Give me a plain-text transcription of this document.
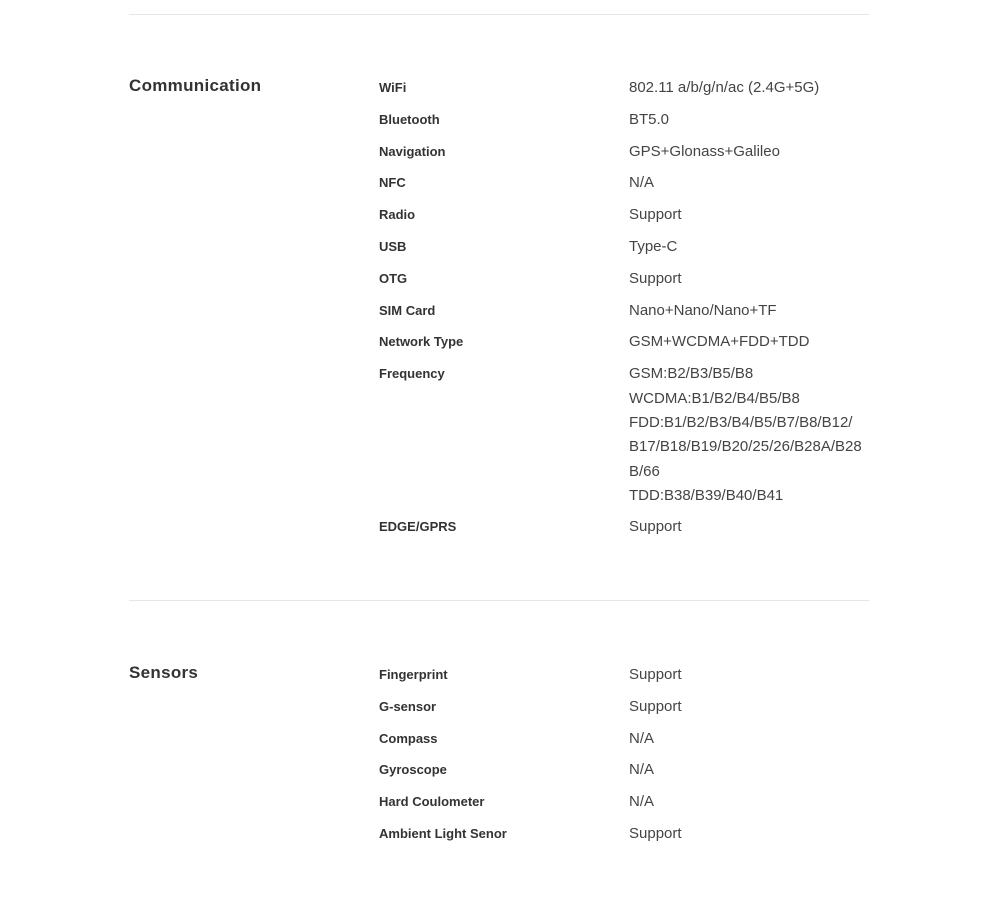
Communication	WiFi	802.11 a/b/g/n/ac (2.4G+5G)
Bluetooth	BT5.0
Navigation	GPS+Glonass+Galileo
NFC	N/A
Radio	Support
USB	Type-C
OTG	Support
SIM Card	Nano+Nano/Nano+TF
Network Type	GSM+WCDMA+FDD+TDD
Frequency	GSM:B2/B3/B5/B8
WCDMA:B1/B2/B4/B5/B8
FDD:B1/B2/B3/B4/B5/B7/B8/B12/
B17/B18/B19/B20/25/26/B28A/B28
B/66
TDD:B38/B39/B40/B41
EDGE/GPRS	Support
Sensors	Fingerprint	Support
G-sensor	Support
Compass	N/A
Gyroscope	N/A
Hard Coulometer	N/A
Ambient Light Senor	Support
